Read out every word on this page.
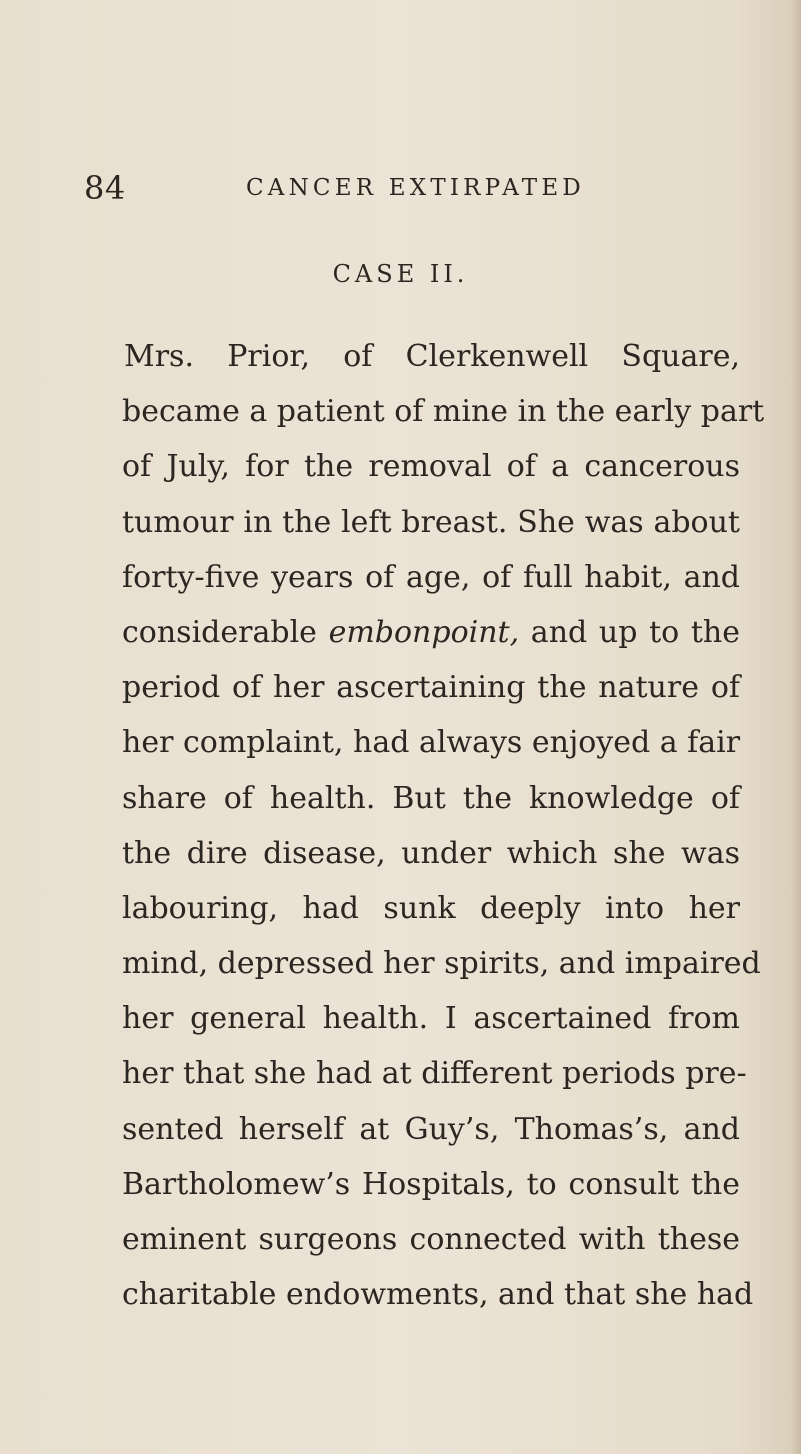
84	CANCER EXTIRPATED
CASE II.
Mrs. Prior, of Clerkenwell Square,
became a patient of mine in the early part
of July, for the removal of a cancerous
tumour in the left breast. She was about
forty-five years of age, of full habit, and
considerable embonpoint, and up to the
period of her ascertaining the nature of
her complaint, had always enjoyed a fair
share of health. But the knowledge of
the dire disease, under which she was
labouring, had sunk deeply into her
mind, depressed her spirits, and impaired
her general health. I ascertained from
her that she had at different periods pre-
sented herself at Guy’s, Thomas’s, and
Bartholomew’s Hospitals, to consult the
eminent surgeons connected with these
charitable endowments, and that she had
